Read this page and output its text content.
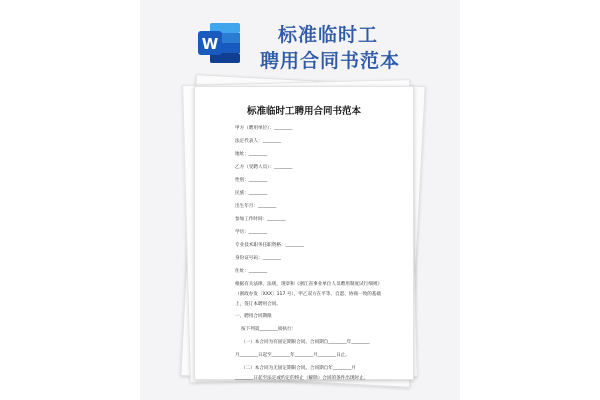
W	标准临时工
聘用合同书范本
标准临时工聘用合同书范本
甲方（聘用单位）：________
法定代表人：________
地址：________
乙方（受聘人员）：________
性别：________
民族：________
出生年月：________
参加工作时间：________
学历：________
专业技术职务任职资格：________
身份证号码：________
住址：________
根据有关法律、法规，现章和《浙江省事业单位人员聘用制度试行细则》（浙政办发〔XXX〕117 号），甲乙双方在平等、自愿、协商一致的基础上，签订本聘用合同。
一、聘用合同期限
按下列第________项执行：
（一）本合同为有固定期限合同。合同期自________年________
月________日起至________年________月________日止。
（二）本合同为无固定期限合同。合同期自年________月
________日起至法定或约定的终止（解除）合同的条件出现时止。
